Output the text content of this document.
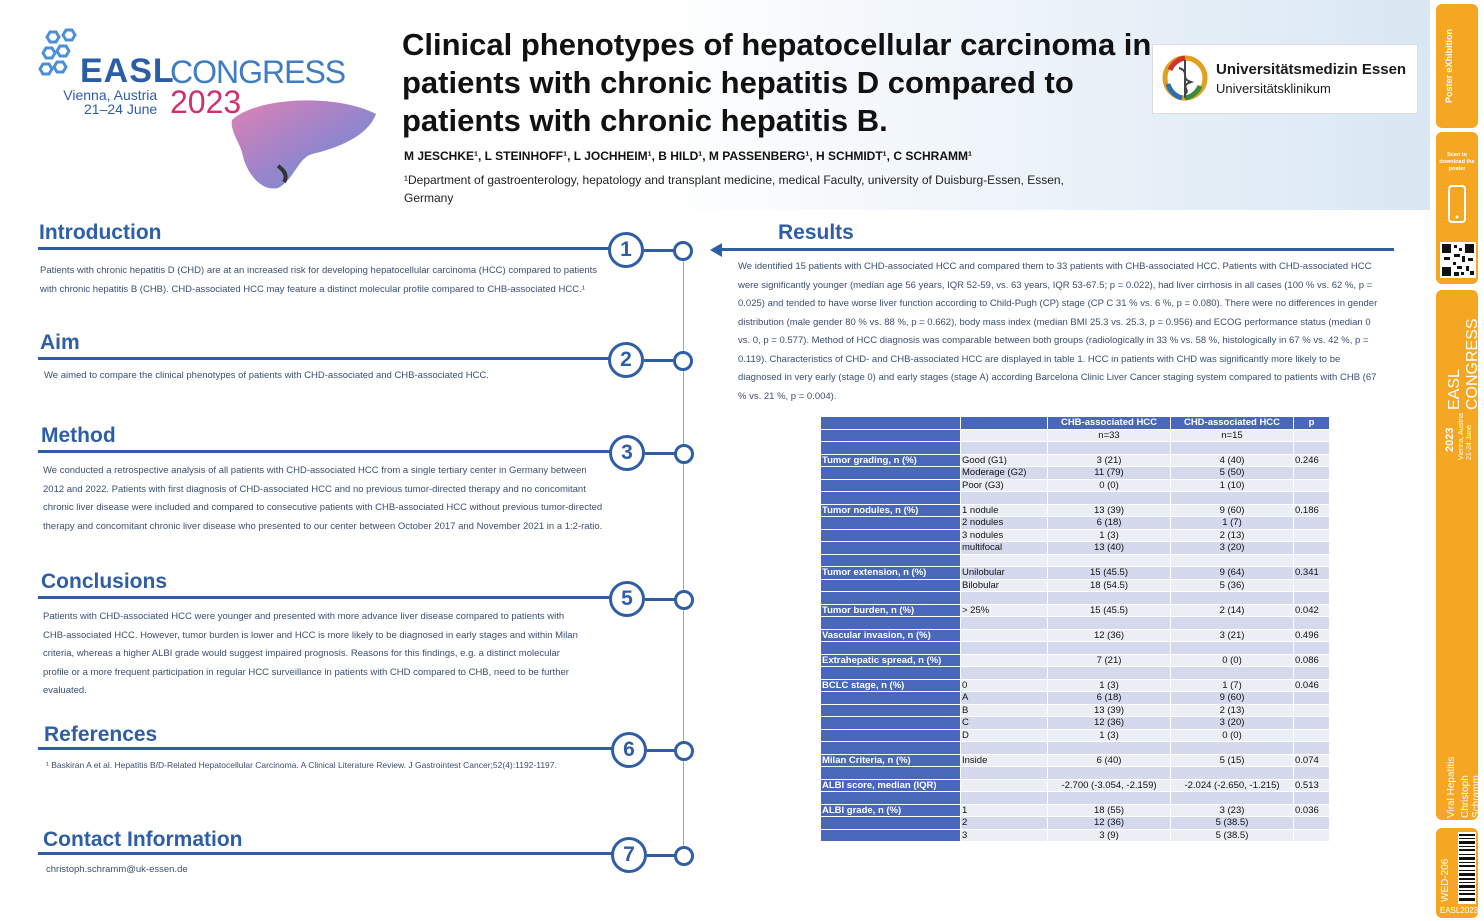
EASL
CONGRESS
Vienna, Austria
21–24 June 2023
Clinical phenotypes of hepatocellular carcinoma in patients with chronic hepatitis D compared to patients with chronic hepatitis B.
M JESCHKE¹, L STEINHOFF¹, L JOCHHEIM¹, B HILD¹, M PASSENBERG¹, H SCHMIDT¹, C SCHRAMM¹
¹Department of gastroenterology, hepatology and transplant medicine, medical Faculty, university of Duisburg-Essen, Essen, Germany
Universitätsmedizin Essen
Universitätsklinikum
Introduction
1
Patients with chronic hepatitis D (CHD) are at an increased risk for developing hepatocellular carcinoma (HCC) compared to patients with chronic hepatitis B (CHB). CHD-associated HCC may feature a distinct molecular profile compared to CHB-associated HCC.¹
Aim
2
We aimed to compare the clinical phenotypes of patients with CHD-associated and CHB-associated HCC.
Method
3
We conducted a retrospective analysis of all patients with CHD-associated HCC from a single tertiary center in Germany between 2012 and 2022. Patients with first diagnosis of CHD-associated HCC and no previous tumor-directed therapy and no concomitant chronic liver disease were included and compared to consecutive patients with CHB-associated HCC without previous tumor-directed therapy and concomitant chronic liver disease who presented to our center between October 2017 and November 2021 in a 1:2-ratio.
Conclusions
5
Patients with CHD-associated HCC were younger and presented with more advance liver disease compared to patients with CHB-associated HCC. However, tumor burden is lower and HCC is more likely to be diagnosed in early stages and within Milan criteria, whereas a higher ALBI grade would suggest impaired prognosis. Reasons for this findings, e.g. a distinct molecular profile or a more frequent participation in regular HCC surveillance in patients with CHD compared to CHB, need to be further evaluated.
References
6
¹ Baskiran A et al. Hepatitis B/D-Related Hepatocellular Carcinoma. A Clinical Literature Review. J Gastrointest Cancer;52(4):1192-1197.
Contact Information
7
christoph.schramm@uk-essen.de
Results
We identified 15 patients with CHD-associated HCC and compared them to 33 patients with CHB-associated HCC. Patients with CHD-associated HCC were significantly younger (median age 56 years, IQR 52-59, vs. 63 years, IQR 53-67.5; p = 0.022), had liver cirrhosis in all cases (100 % vs. 62 %, p = 0.025) and tended to have worse liver function according to Child-Pugh (CP) stage (CP C 31 % vs. 6 %, p = 0.080). There were no differences in gender distribution (male gender 80 % vs. 88 %, p = 0.662), body mass index (median BMI 25.3 vs. 25.3, p = 0.956) and ECOG performance status (median 0 vs. 0, p = 0.577). Method of HCC diagnosis was comparable between both groups (radiologically in 33 % vs. 58 %, histologically in 67 % vs. 42 %, p = 0.119). Characteristics of CHD- and CHB-associated HCC are displayed in table 1. HCC in patients with CHD was significantly more likely to be diagnosed in very early (stage 0) and early stages (stage A) according Barcelona Clinic Liver Cancer staging system compared to patients with CHB (67 % vs. 21 %, p = 0.004).
		CHB-associated HCC	CHD-associated HCC	p
		n=33	n=15	

Tumor grading, n (%)	Good (G1)	3 (21)	4 (40)	0.246
	Moderage (G2)	11 (79)	5 (50)	
	Poor (G3)	0 (0)	1 (10)	

Tumor nodules, n (%)	1 nodule	13 (39)	9 (60)	0.186
	2 nodules	6 (18)	1 (7)	
	3 nodules	1 (3)	2 (13)	
	multifocal	13 (40)	3 (20)	

Tumor extension, n (%)	Unilobular	15 (45.5)	9 (64)	0.341
	Bilobular	18 (54.5)	5 (36)	

Tumor burden, n (%)	> 25%	15 (45.5)	2 (14)	0.042

Vascular invasion, n (%)		12 (36)	3 (21)	0.496

Extrahepatic spread, n (%)		7 (21)	0 (0)	0.086

BCLC stage, n (%)	0	1 (3)	1 (7)	0.046
	A	6 (18)	9 (60)	
	B	13 (39)	2 (13)	
	C	12 (36)	3 (20)	
	D	1 (3)	0 (0)	

Milan Criteria, n (%)	Inside	6 (40)	5 (15)	0.074

ALBI score, median (IQR)		-2.700 (-3.054, -2.159)	-2.024 (-2.650, -1.215)	0.513

ALBI grade, n (%)	1	18 (55)	3 (23)	0.036
	2	12 (36)	5 (38.5)	
	3	3 (9)	5 (38.5)	
Poster eXhibition
Scan to download the poster
EASL CONGRESS
2023 Vienna, Austria 21-24 June
Viral Hepatitis Christoph Schramm
WED-206
EASL2023
